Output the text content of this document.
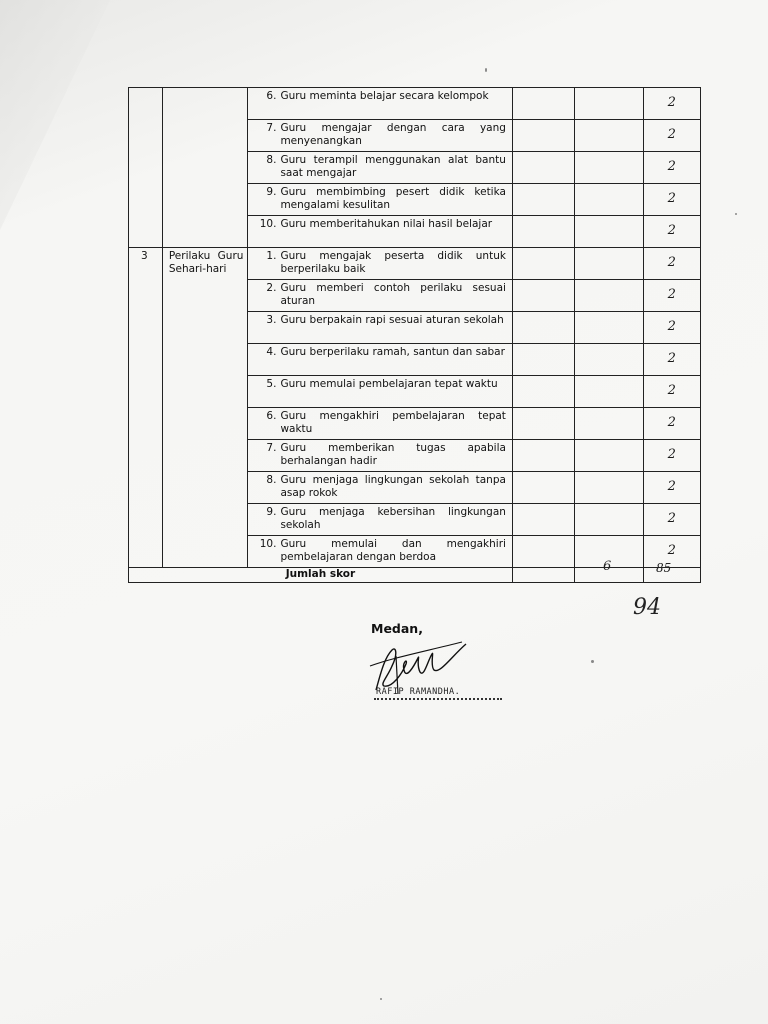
		6. Guru meminta belajar secara kelompok			2

		7. Guru mengajar dengan cara yang menyenangkan			2

		8. Guru terampil menggunakan alat bantu saat mengajar			2

		9. Guru membimbing pesert didik ketika mengalami kesulitan			2

		10. Guru memberitahukan nilai hasil belajar			2
3	Perilaku Guru Sehari-hari	1. Guru mengajak peserta didik untuk berperilaku baik			2

		2. Guru memberi contoh perilaku sesuai aturan			2

		3. Guru berpakain rapi sesuai aturan sekolah			2

		4. Guru berperilaku ramah, santun dan sabar			2

		5. Guru memulai pembelajaran tepat waktu			2

		6. Guru mengakhiri pembelajaran tepat waktu			2

		7. Guru memberikan tugas apabila berhalangan hadir			2

		8. Guru menjaga lingkungan sekolah tanpa asap rokok			2

		9. Guru menjaga kebersihan lingkungan sekolah			2

		10. Guru memulai dan mengakhiri pembelajaran dengan berdoa			2
Jumlah skor						6	85
94
Medan,
RAFIP RAMANDHA.
